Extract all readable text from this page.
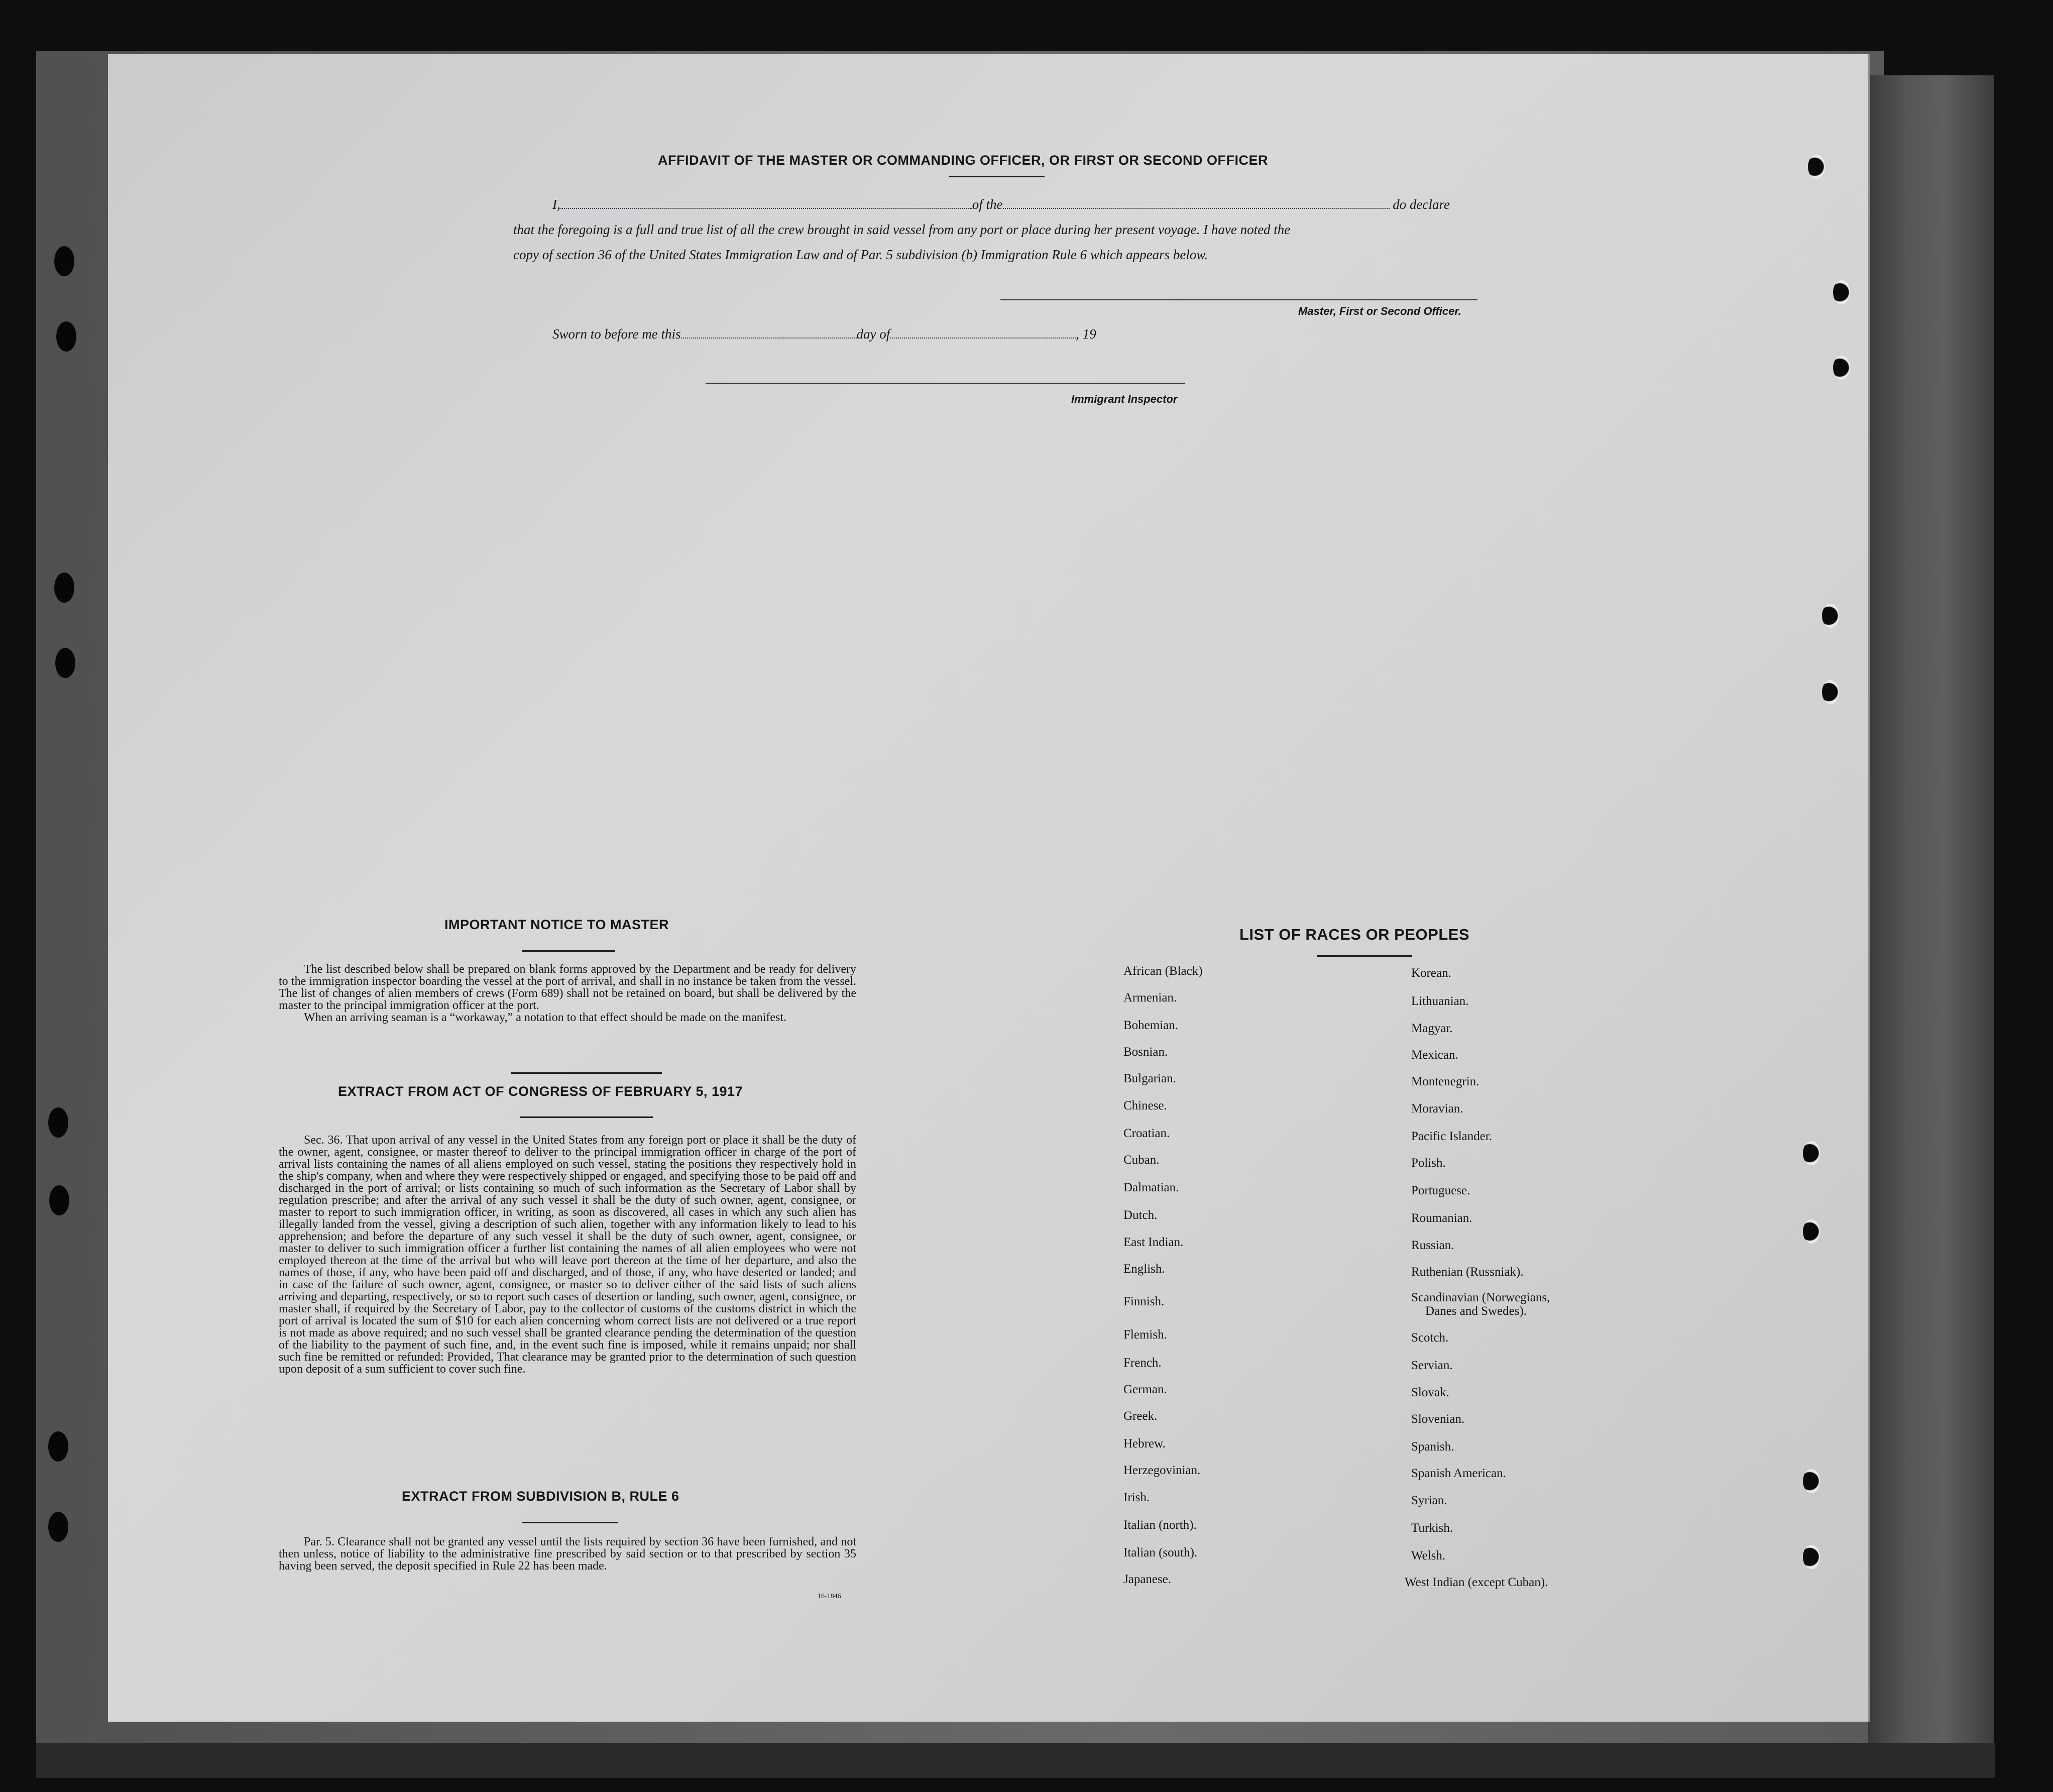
AFFIDAVIT OF THE MASTER OR COMMANDING OFFICER, OR FIRST OR SECOND OFFICER
I,	of the	do declare
that the foregoing is a full and true list of all the crew brought in said vessel from any port or place during her present voyage. I have noted the
copy of section 36 of the United States Immigration Law and of Par. 5 subdivision (b) Immigration Rule 6 which appears below.
Master, First or Second Officer.
Sworn to before me this	day of	, 19
Immigrant Inspector
IMPORTANT NOTICE TO MASTER

The list described below shall be prepared on blank forms approved by the Department and be ready for delivery to the immigration inspector boarding the vessel at the port of arrival, and shall in no instance be taken from the vessel. The list of changes of alien members of crews (Form 689) shall not be retained on board, but shall be delivered by the master to the principal immigration officer at the port.

When an arriving seaman is a “workaway,” a notation to that effect should be made on the manifest.

EXTRACT FROM ACT OF CONGRESS OF FEBRUARY 5, 1917

Sec. 36. That upon arrival of any vessel in the United States from any foreign port or place it shall be the duty of the owner, agent, consignee, or master thereof to deliver to the principal immigration officer in charge of the port of arrival lists containing the names of all aliens employed on such vessel, stating the positions they respectively hold in the ship's company, when and where they were respectively shipped or engaged, and specifying those to be paid off and discharged in the port of arrival; or lists containing so much of such information as the Secretary of Labor shall by regulation prescribe; and after the arrival of any such vessel it shall be the duty of such owner, agent, consignee, or master to report to such immigration officer, in writing, as soon as discovered, all cases in which any such alien has illegally landed from the vessel, giving a description of such alien, together with any information likely to lead to his apprehension; and before the departure of any such vessel it shall be the duty of such owner, agent, consignee, or master to deliver to such immigration officer a further list containing the names of all alien employees who were not employed thereon at the time of the arrival but who will leave port thereon at the time of her departure, and also the names of those, if any, who have been paid off and discharged, and of those, if any, who have deserted or landed; and in case of the failure of such owner, agent, consignee, or master so to deliver either of the said lists of such aliens arriving and departing, respectively, or so to report such cases of desertion or landing, such owner, agent, consignee, or master shall, if required by the Secretary of Labor, pay to the collector of customs of the customs district in which the port of arrival is located the sum of $10 for each alien concerning whom correct lists are not delivered or a true report is not made as above required; and no such vessel shall be granted clearance pending the determination of the question of the liability to the payment of such fine, and, in the event such fine is imposed, while it remains unpaid; nor shall such fine be remitted or refunded: Provided, That clearance may be granted prior to the determination of such question upon deposit of a sum sufficient to cover such fine.

EXTRACT FROM SUBDIVISION B, RULE 6

Par. 5. Clearance shall not be granted any vessel until the lists required by section 36 have been furnished, and not then unless, notice of liability to the administrative fine prescribed by said section or to that prescribed by section 35 having been served, the deposit specified in Rule 22 has been made.

16-1846
LIST OF RACES OR PEOPLES
African (Black)
Armenian.
Bohemian.
Bosnian.
Bulgarian.
Chinese.
Croatian.
Cuban.
Dalmatian.
Dutch.
East Indian.
English.
Finnish.
Flemish.
French.
German.
Greek.
Hebrew.
Herzegovinian.
Irish.
Italian (north).
Italian (south).
Japanese.
Korean.
Lithuanian.
Magyar.
Mexican.
Montenegrin.
Moravian.
Pacific Islander.
Polish.
Portuguese.
Roumanian.
Russian.
Ruthenian (Russniak).
Scandinavian (Norwegians,
Danes and Swedes).
Scotch.
Servian.
Slovak.
Slovenian.
Spanish.
Spanish American.
Syrian.
Turkish.
Welsh.
West Indian (except Cuban).
